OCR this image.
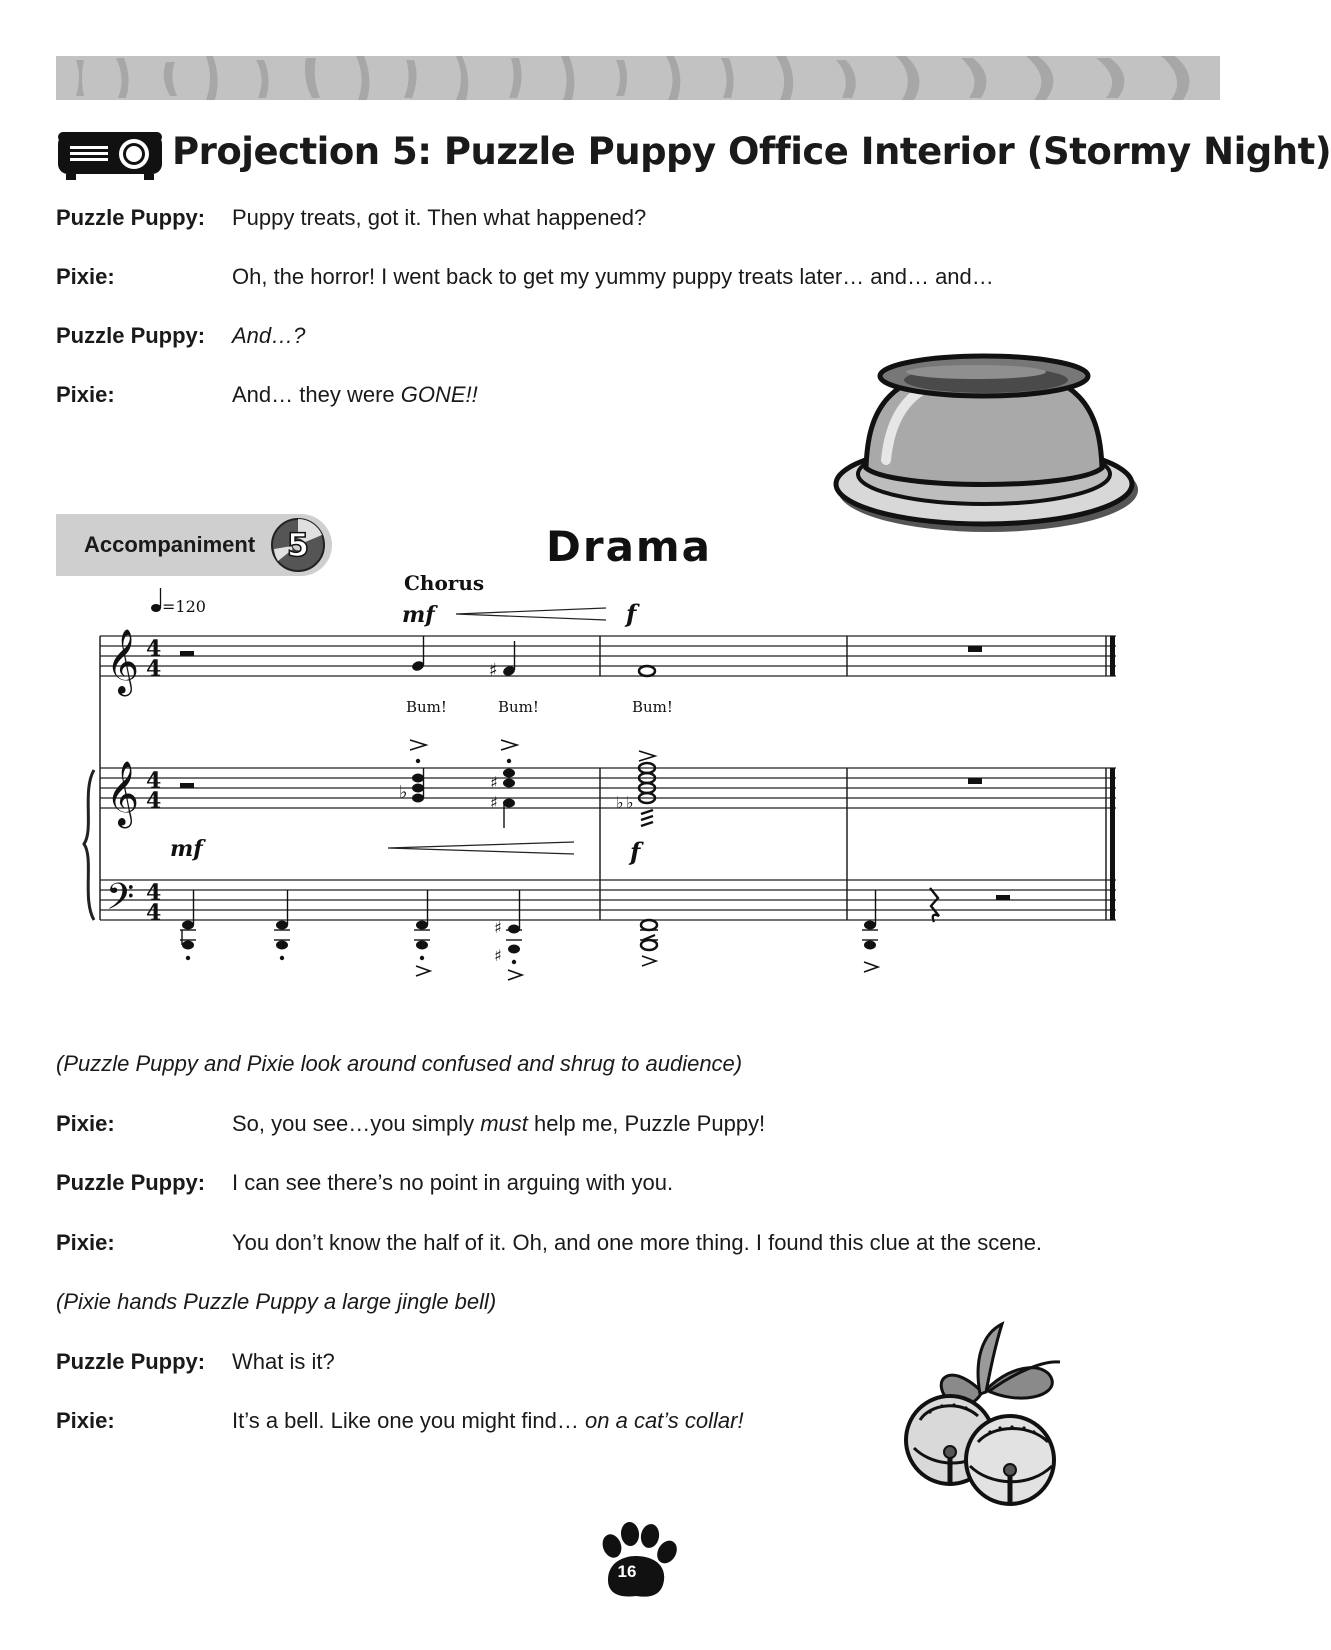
Projection 5: Puzzle Puppy Office Interior (Stormy Night)
Puzzle Puppy: Puppy treats, got it. Then what happened?
Pixie:	Oh, the horror! I went back to get my yummy puppy treats later… and… and…
Puzzle Puppy: And…?
Pixie:	And… they were GONE!!
Accompaniment 5	Drama
𝄞
𝄞
𝄢
4
4
4
4
4
4
=120
Chorus
mf	f
♯
Bum!	Bum!	Bum!
♭	♯
♯	♭ ♭
mf	f
♯
♯
(Puzzle Puppy and Pixie look around confused and shrug to audience)
Pixie:	So, you see…you simply must help me, Puzzle Puppy!
Puzzle Puppy: I can see there’s no point in arguing with you.
Pixie:	You don’t know the half of it. Oh, and one more thing. I found this clue at the scene.
(Pixie hands Puzzle Puppy a large jingle bell)
Puzzle Puppy: What is it?
Pixie:	It’s a bell. Like one you might find… on a cat’s collar!
16
